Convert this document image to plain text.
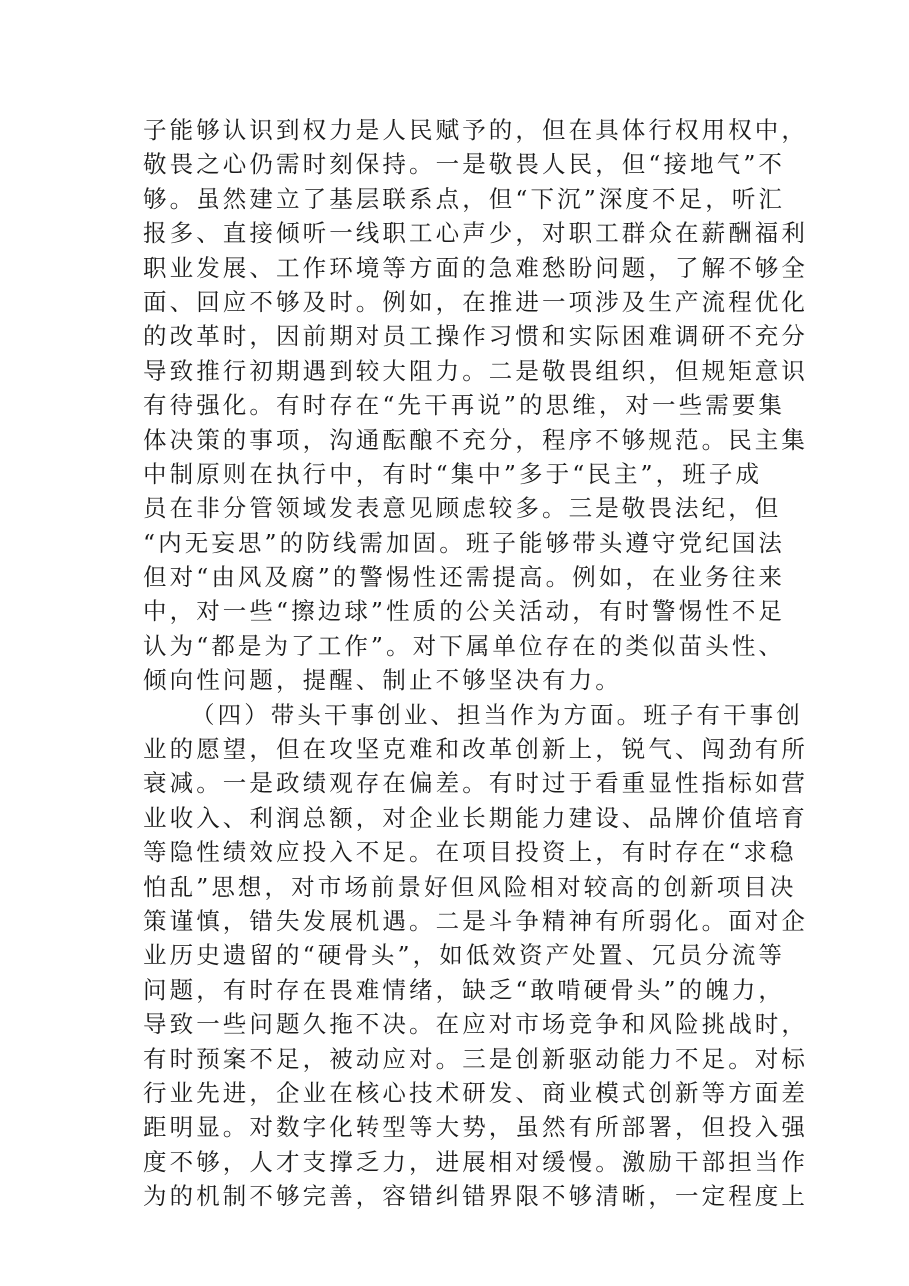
子能够认识到权力是人民赋予的，但在具体行权用权中，
敬畏之心仍需时刻保持。一是敬畏人民，但“接地气”不
够。虽然建立了基层联系点，但“下沉”深度不足，听汇
报多、直接倾听一线职工心声少，对职工群众在薪酬福利
职业发展、工作环境等方面的急难愁盼问题，了解不够全
面、回应不够及时。例如，在推进一项涉及生产流程优化
的改革时，因前期对员工操作习惯和实际困难调研不充分
导致推行初期遇到较大阻力。二是敬畏组织，但规矩意识
有待强化。有时存在“先干再说”的思维，对一些需要集
体决策的事项，沟通酝酿不充分，程序不够规范。民主集
中制原则在执行中，有时“集中”多于“民主”，班子成
员在非分管领域发表意见顾虑较多。三是敬畏法纪，但
“内无妄思”的防线需加固。班子能够带头遵守党纪国法
但对“由风及腐”的警惕性还需提高。例如，在业务往来
中，对一些“擦边球”性质的公关活动，有时警惕性不足
认为“都是为了工作”。对下属单位存在的类似苗头性、
倾向性问题，提醒、制止不够坚决有力。
（四）带头干事创业、担当作为方面。班子有干事创
业的愿望，但在攻坚克难和改革创新上，锐气、闯劲有所
衰减。一是政绩观存在偏差。有时过于看重显性指标如营
业收入、利润总额，对企业长期能力建设、品牌价值培育
等隐性绩效应投入不足。在项目投资上，有时存在“求稳
怕乱”思想，对市场前景好但风险相对较高的创新项目决
策谨慎，错失发展机遇。二是斗争精神有所弱化。面对企
业历史遗留的“硬骨头”，如低效资产处置、冗员分流等
问题，有时存在畏难情绪，缺乏“敢啃硬骨头”的魄力，
导致一些问题久拖不决。在应对市场竞争和风险挑战时，
有时预案不足，被动应对。三是创新驱动能力不足。对标
行业先进，企业在核心技术研发、商业模式创新等方面差
距明显。对数字化转型等大势，虽然有所部署，但投入强
度不够，人才支撑乏力，进展相对缓慢。激励干部担当作
为的机制不够完善，容错纠错界限不够清晰，一定程度上
